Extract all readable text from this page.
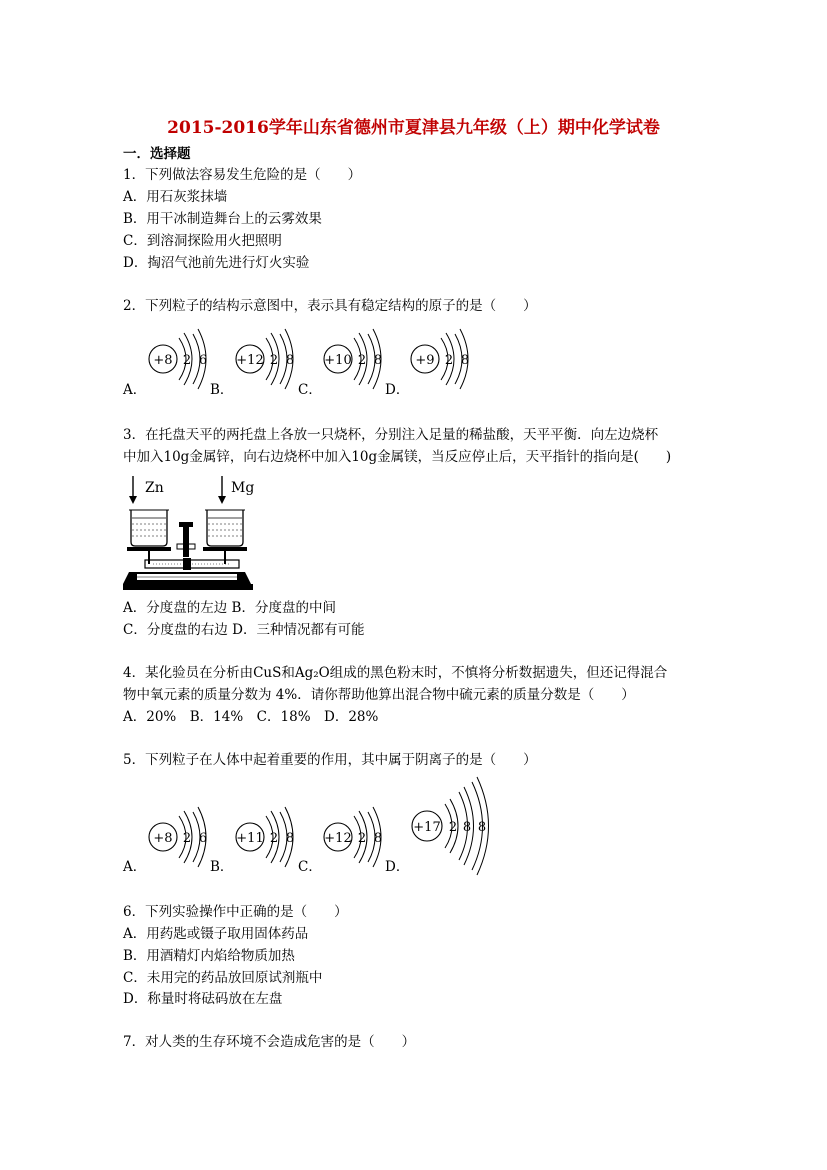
2015-2016学年山东省德州市夏津县九年级（上）期中化学试卷
一．选择题
1．下列做法容易发生危险的是（　　）
A．用石灰浆抹墙
B．用干冰制造舞台上的云雾效果
C．到溶洞探险用火把照明
D．掏沼气池前先进行灯火实验
2．下列粒子的结构示意图中，表示具有稳定结构的原子的是（　　）
+8 2 6
A．
+12 2 8
B．
+10 2 8
C．
+9 2 8
D．
3．在托盘天平的两托盘上各放一只烧杯，分别注入足量的稀盐酸，天平平衡．向左边烧杯
中加入10g金属锌，向右边烧杯中加入10g金属镁，当反应停止后，天平指针的指向是(　　)
Zn	Mg
A．分度盘的左边 B．分度盘的中间
C．分度盘的右边 D．三种情况都有可能
4．某化验员在分析由CuS和Ag₂O组成的黑色粉末时，不慎将分析数据遗失，但还记得混合
物中氧元素的质量分数为 4%．请你帮助他算出混合物中硫元素的质量分数是（　　）
A．20%　B．14%　C．18%　D．28%
5．下列粒子在人体中起着重要的作用，其中属于阴离子的是（　　）
+8 2 6
A．
+11 2 8
B．
+12 2 8
C．
+17 2 8 8
D．
6．下列实验操作中正确的是（　　）
A．用药匙或镊子取用固体药品
B．用酒精灯内焰给物质加热
C．未用完的药品放回原试剂瓶中
D．称量时将砝码放在左盘
7．对人类的生存环境不会造成危害的是（　　）
